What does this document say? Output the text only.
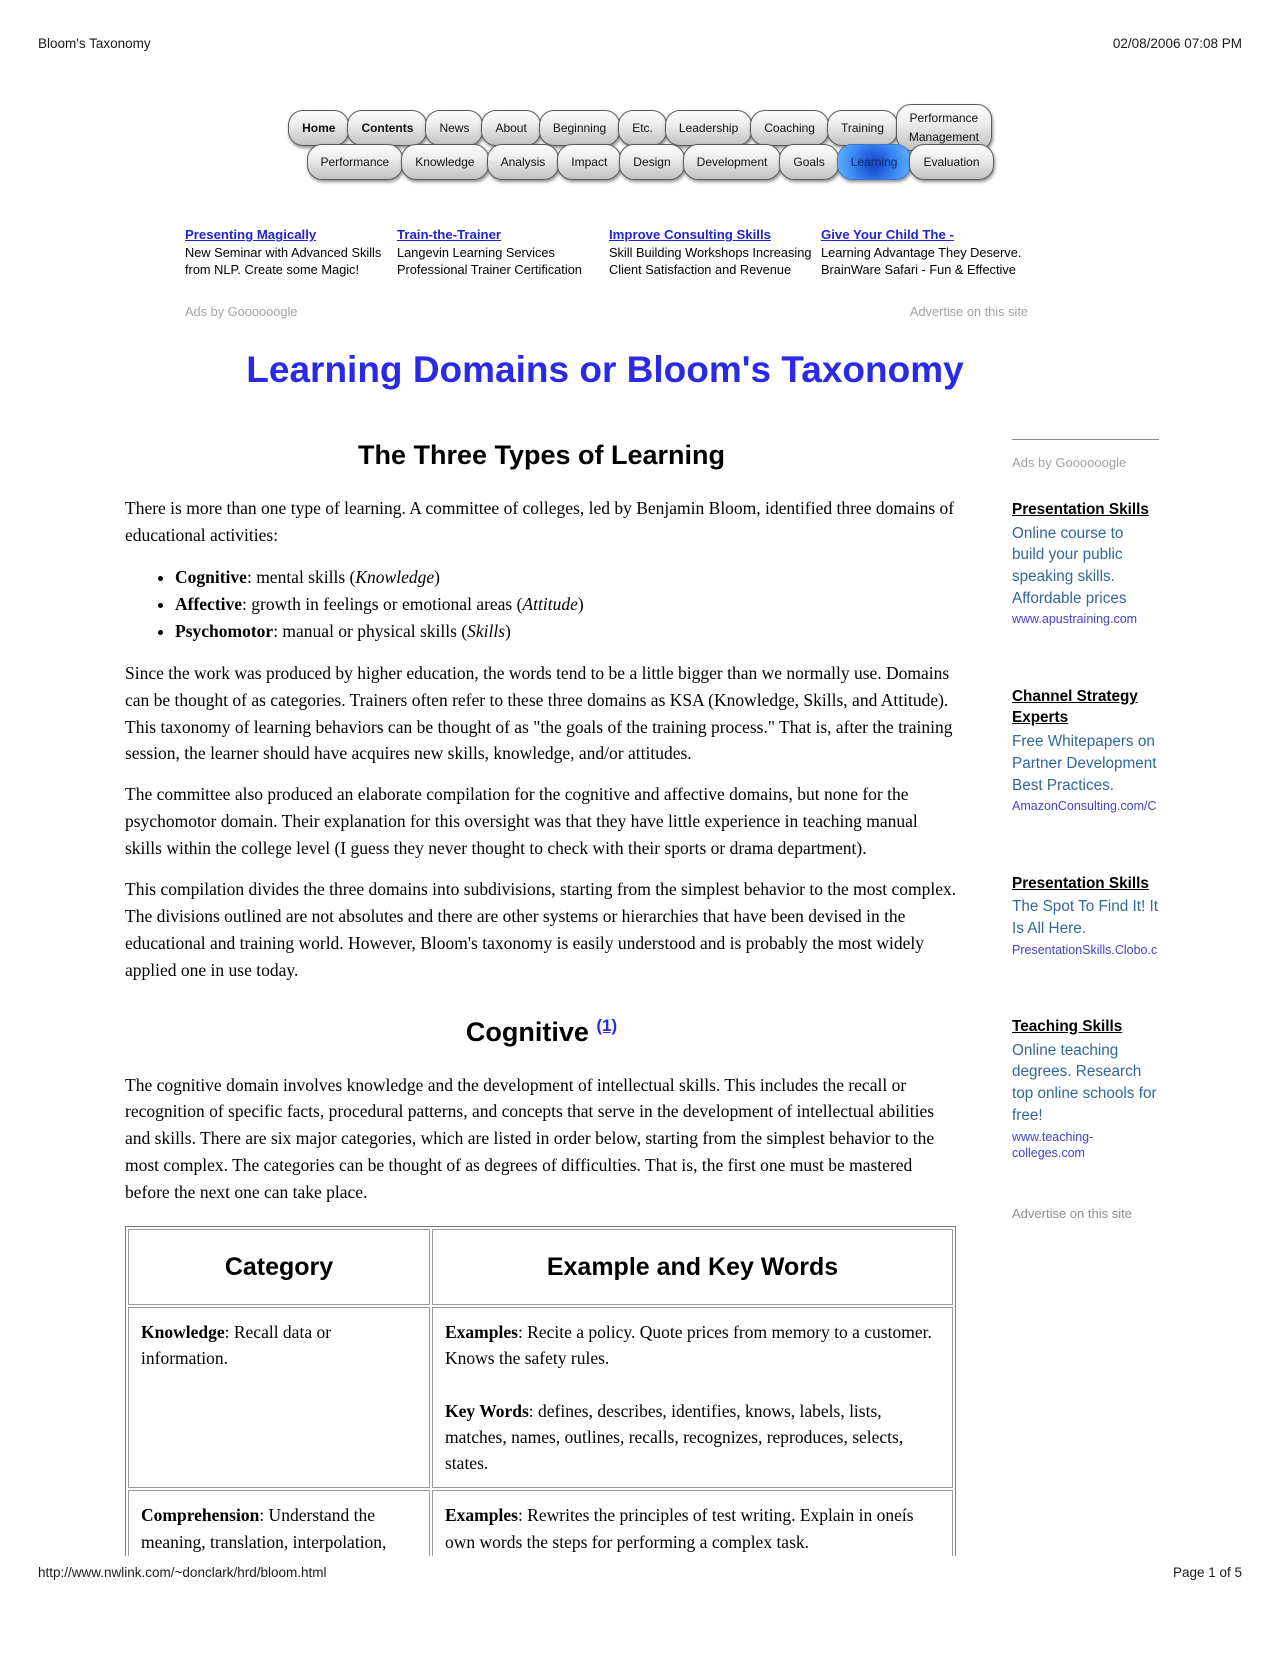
Bloom's Taxonomy	02/08/2006 07:08 PM
Home	Contents	News	About	Beginning	Etc.	Leadership	Coaching	Training
Performance Management
Performance	Knowledge	Analysis	Impact	Design	Development	Goals	Learning	Evaluation
Presenting Magically
New Seminar with Advanced Skills from NLP. Create some Magic!
Train-the-Trainer
Langevin Learning Services Professional Trainer Certification
Improve Consulting Skills
Skill Building Workshops Increasing Client Satisfaction and Revenue
Give Your Child The -
Learning Advantage They Deserve. BrainWare Safari - Fun & Effective
Ads by Goooooogle	Advertise on this site
Learning Domains or Bloom's Taxonomy
The Three Types of Learning

There is more than one type of learning. A committee of colleges, led by Benjamin Bloom, identified three domains of educational activities:

• Cognitive: mental skills (Knowledge)
• Affective: growth in feelings or emotional areas (Attitude)
• Psychomotor: manual or physical skills (Skills)

Since the work was produced by higher education, the words tend to be a little bigger than we normally use. Domains can be thought of as categories. Trainers often refer to these three domains as KSA (Knowledge, Skills, and Attitude). This taxonomy of learning behaviors can be thought of as "the goals of the training process." That is, after the training session, the learner should have acquires new skills, knowledge, and/or attitudes.

The committee also produced an elaborate compilation for the cognitive and affective domains, but none for the psychomotor domain. Their explanation for this oversight was that they have little experience in teaching manual skills within the college level (I guess they never thought to check with their sports or drama department).

This compilation divides the three domains into subdivisions, starting from the simplest behavior to the most complex. The divisions outlined are not absolutes and there are other systems or hierarchies that have been devised in the educational and training world. However, Bloom's taxonomy is easily understood and is probably the most widely applied one in use today.

Cognitive $^{(1)}$

The cognitive domain involves knowledge and the development of intellectual skills. This includes the recall or recognition of specific facts, procedural patterns, and concepts that serve in the development of intellectual abilities and skills. There are six major categories, which are listed in order below, starting from the simplest behavior to the most complex. The categories can be thought of as degrees of difficulties. That is, the first one must be mastered before the next one can take place.

Category	Example and Key Words
Knowledge: Recall data or information.	Examples: Recite a policy. Quote prices from memory to a customer. Knows the safety rules.
Key Words: defines, describes, identifies, knows, labels, lists, matches, names, outlines, recalls, recognizes, reproduces, selects, states.

Comprehension: Understand the meaning, translation, interpolation,	Examples: Rewrites the principles of test writing. Explain in oneís own words the steps for performing a complex task.
Ads by Goooooogle
Presentation Skills
Online course to build your public speaking skills. Affordable prices
www.apustraining.com
Channel Strategy Experts
Free Whitepapers on Partner Development Best Practices.
AmazonConsulting.com/C
Presentation Skills
The Spot To Find It! It Is All Here.
PresentationSkills.Clobo.c
Teaching Skills
Online teaching degrees. Research top online schools for free!
www.teaching-colleges.com
Advertise on this site
http://www.nwlink.com/~donclark/hrd/bloom.html	Page 1 of 5
